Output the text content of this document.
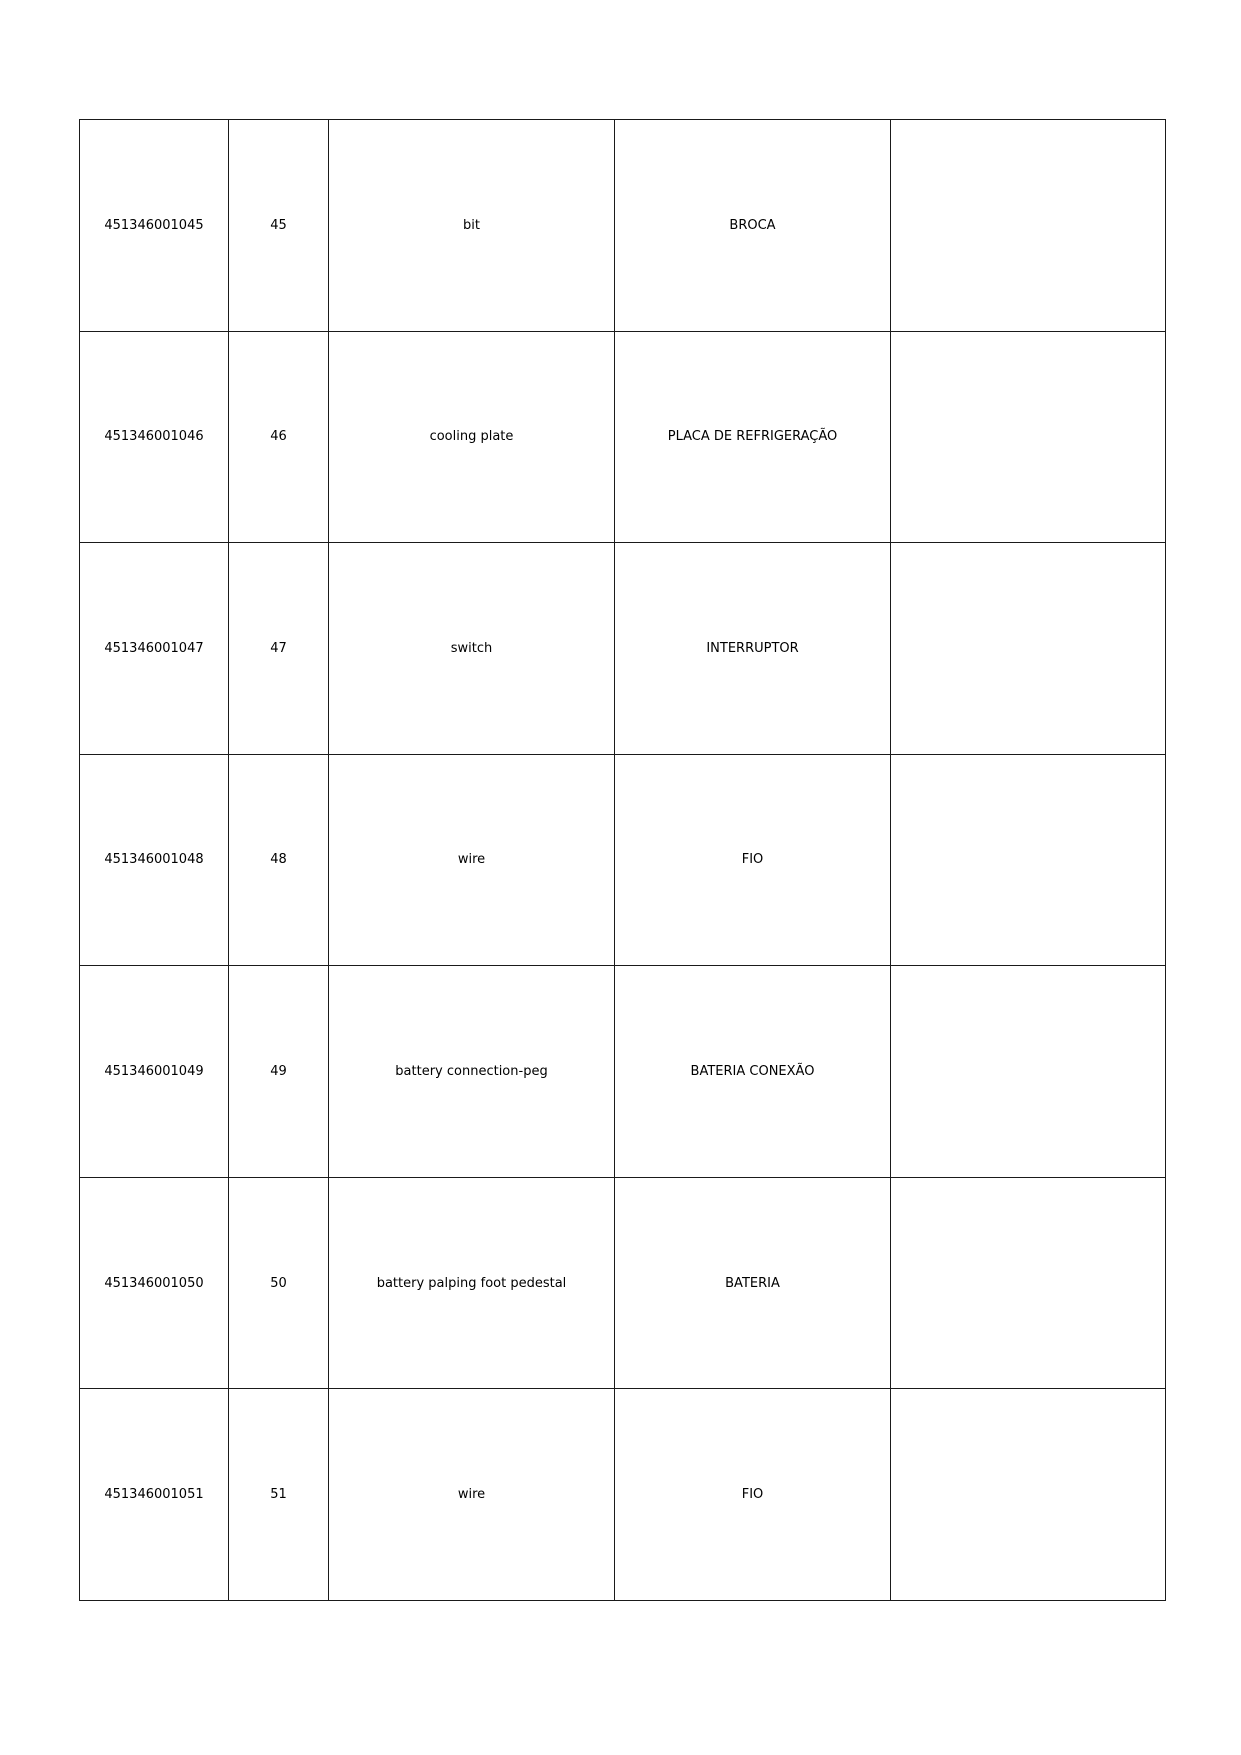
451346001045	45	bit	BROCA	
451346001046	46	cooling plate	PLACA DE REFRIGERAÇÃO	
451346001047	47	switch	INTERRUPTOR	
451346001048	48	wire	FIO	
451346001049	49	battery connection-peg	BATERIA CONEXÃO	
451346001050	50	battery palping foot pedestal	BATERIA	
451346001051	51	wire	FIO	
